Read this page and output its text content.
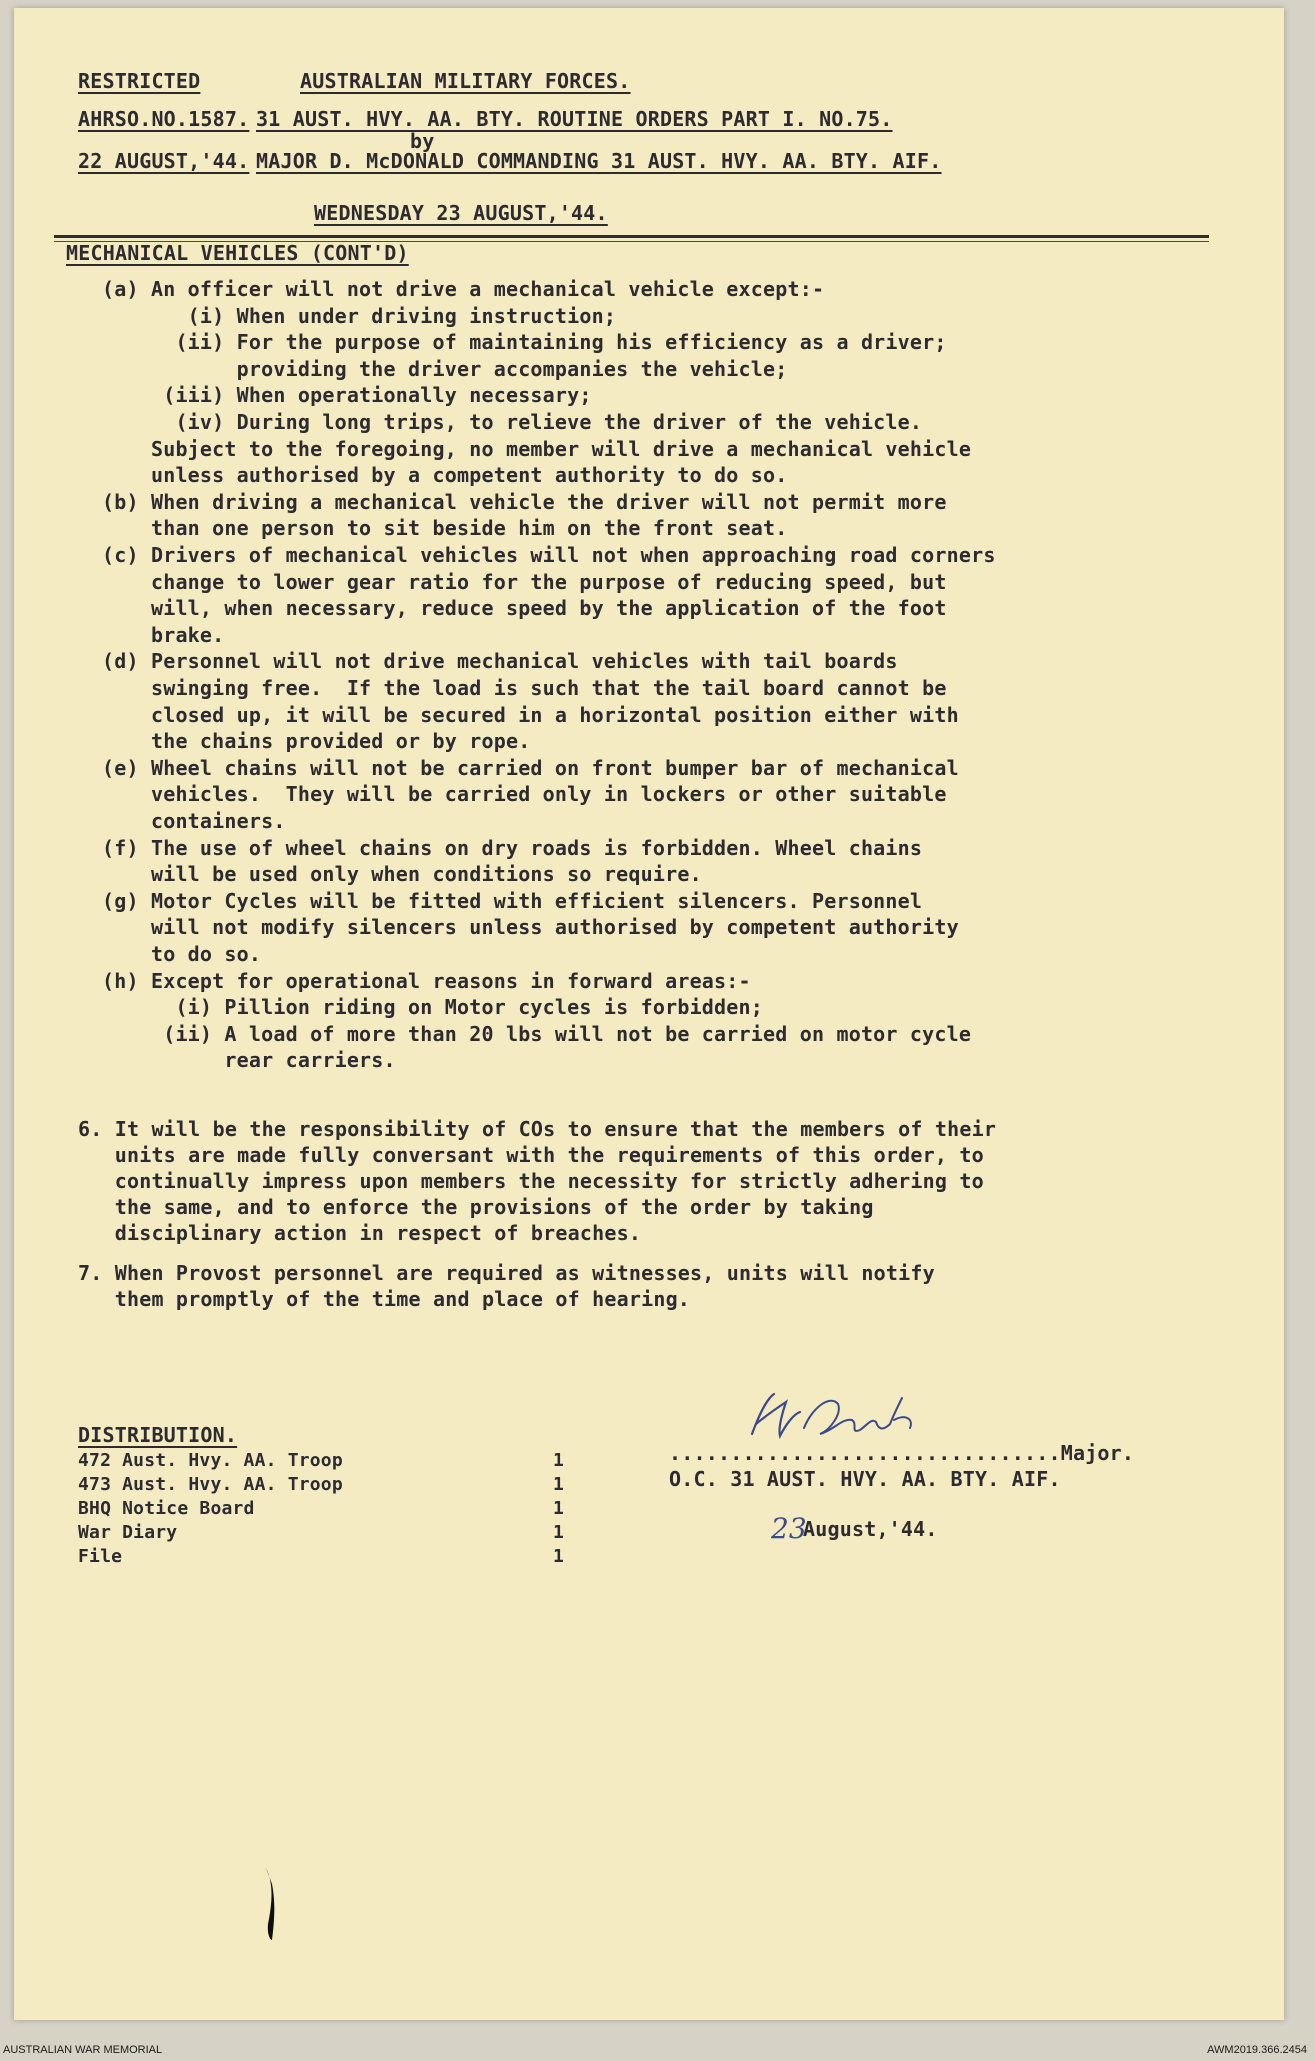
RESTRICTED	AUSTRALIAN MILITARY FORCES.

AHRSO.NO.1587. 31 AUST. HVY. AA. BTY. ROUTINE ORDERS PART I. NO.75.

by

22 AUGUST,'44. MAJOR D. McDONALD COMMANDING 31 AUST. HVY. AA. BTY. AIF.

WEDNESDAY 23 AUGUST,'44.

MECHANICAL VEHICLES (CONT'D)

(a) An officer will not drive a mechanical vehicle except:-

(i) When under driving instruction;

(ii) For the purpose of maintaining his efficiency as a driver;

providing the driver accompanies the vehicle;

(iii) When operationally necessary;

(iv) During long trips, to relieve the driver of the vehicle.

Subject to the foregoing, no member will drive a mechanical vehicle

unless authorised by a competent authority to do so.

(b) When driving a mechanical vehicle the driver will not permit more

than one person to sit beside him on the front seat.

(c) Drivers of mechanical vehicles will not when approaching road corners

change to lower gear ratio for the purpose of reducing speed, but

will, when necessary, reduce speed by the application of the foot

brake.

(d) Personnel will not drive mechanical vehicles with tail boards

swinging free.  If the load is such that the tail board cannot be

closed up, it will be secured in a horizontal position either with

the chains provided or by rope.

(e) Wheel chains will not be carried on front bumper bar of mechanical

vehicles.  They will be carried only in lockers or other suitable

containers.

(f) The use of wheel chains on dry roads is forbidden. Wheel chains

will be used only when conditions so require.

(g) Motor Cycles will be fitted with efficient silencers. Personnel

will not modify silencers unless authorised by competent authority

to do so.

(h) Except for operational reasons in forward areas:-

(i) Pillion riding on Motor cycles is forbidden;

(ii) A load of more than 20 lbs will not be carried on motor cycle

rear carriers.

6. It will be the responsibility of COs to ensure that the members of their

units are made fully conversant with the requirements of this order, to

continually impress upon members the necessity for strictly adhering to

the same, and to enforce the provisions of the order by taking

disciplinary action in respect of breaches.

7. When Provost personnel are required as witnesses, units will notify

them promptly of the time and place of hearing.

DISTRIBUTION.

472 Aust. Hvy. AA. Troop	1

473 Aust. Hvy. AA. Troop	1

BHQ Notice Board	1

War Diary	1

File	1

................................Major.

O.C. 31 AUST. HVY. AA. BTY. AIF.

23

August,'44.

AUSTRALIAN WAR MEMORIAL	AWM2019.366.2454
